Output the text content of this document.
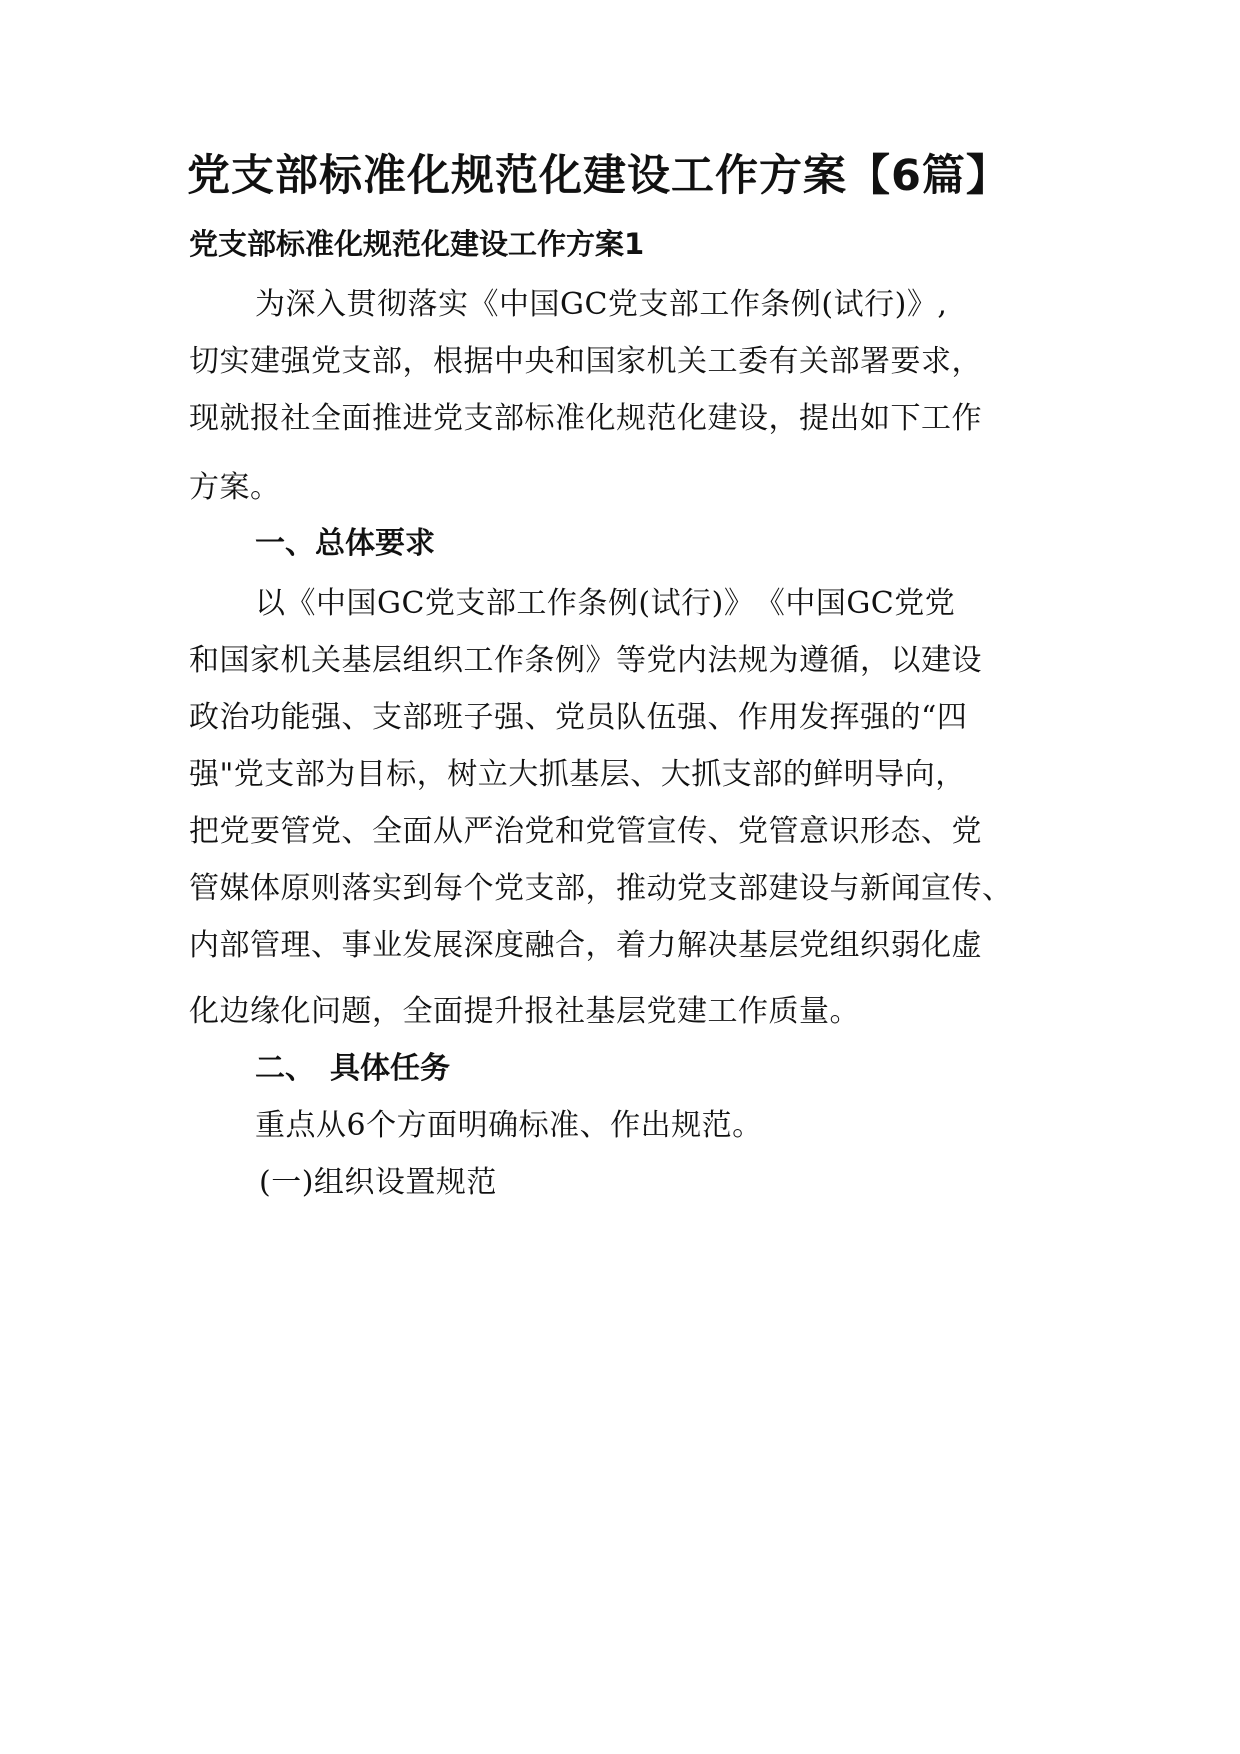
党支部标准化规范化建设工作方案【6篇】
党支部标准化规范化建设工作方案1
为深入贯彻落实《中国GC党支部工作条例(试行)》,
切实建强党支部，根据中央和国家机关工委有关部署要求，
现就报社全面推进党支部标准化规范化建设，提出如下工作
方案。
一、总体要求
以《中国GC党支部工作条例(试行)》　《中国GC党党
和国家机关基层组织工作条例》等党内法规为遵循，以建设
政治功能强、支部班子强、党员队伍强、作用发挥强的“四
强"党支部为目标，树立大抓基层、大抓支部的鲜明导向，
把党要管党、全面从严治党和党管宣传、党管意识形态、党
管媒体原则落实到每个党支部，推动党支部建设与新闻宣传、
内部管理、事业发展深度融合，着力解决基层党组织弱化虚
化边缘化问题，全面提升报社基层党建工作质量。
二、　具体任务
重点从6个方面明确标准、作出规范。
(一)组织设置规范
